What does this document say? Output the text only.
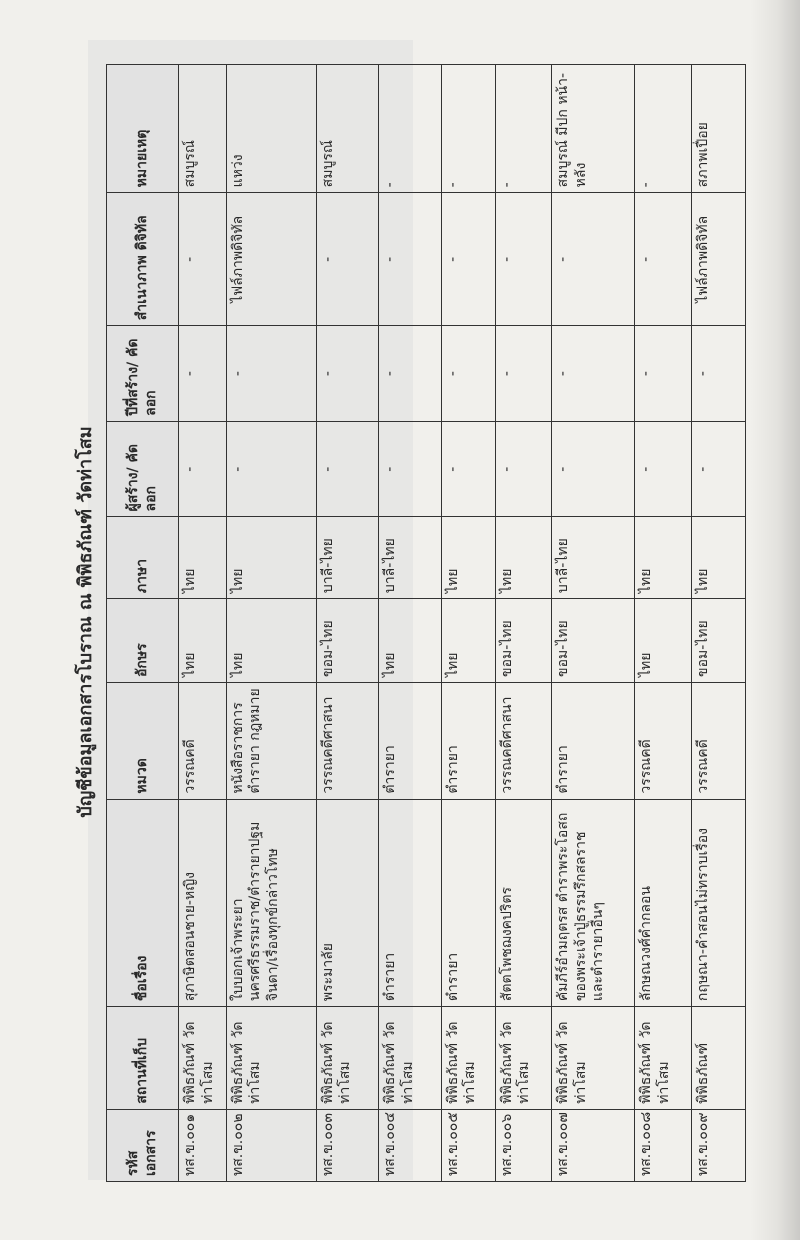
บัญชีข้อมูลเอกสารโบราณ ณ พิพิธภัณฑ์ วัดท่าโสม
รหัสเอกสาร	สถานที่เก็บ	ชื่อเรื่อง	หมวด	อักษร	ภาษา	ผู้สร้าง/ คัดลอก	ปีที่สร้าง/ คัดลอก	สำเนาภาพ ดิจิทัล	หมายเหตุ
ทส.ข.๐๐๑	พิพิธภัณฑ์ วัดท่าโสม	สุภาษิตสอนชาย-หญิง	วรรณคดี	ไทย	ไทย	-	-	-	สมบูรณ์
ทส.ข.๐๐๒	พิพิธภัณฑ์ วัดท่าโสม	ใบบอกเจ้าพระยา นครศรีธรรมราช/ตำรายาปฐมจินดา/เรื่องทุกข์กล่าวโทษ	หนังสือราชการ ตำรายา กฎหมาย	ไทย	ไทย	-	-	ไฟล์ภาพดิจิทัล	แหว่ง
ทส.ข.๐๐๓	พิพิธภัณฑ์ วัดท่าโสม	พระมาลัย	วรรณคดีศาสนา	ขอม-ไทย	บาลี-ไทย	-	-	-	สมบูรณ์
ทส.ข.๐๐๔	พิพิธภัณฑ์ วัดท่าโสม	ตำรายา	ตำรายา	ไทย	บาลี-ไทย	-	-	-	-
ทส.ข.๐๐๕	พิพิธภัณฑ์ วัดท่าโสม	ตำรายา	ตำรายา	ไทย	ไทย	-	-	-	-
ทส.ข.๐๐๖	พิพิธภัณฑ์ วัดท่าโสม	สัตตโพชฌงคปริตร	วรรณคดีศาสนา	ขอม-ไทย	ไทย	-	-	-	-
ทส.ข.๐๐๗	พิพิธภัณฑ์ วัดท่าโสม	คัมภีร์อำมฤตรส ตำราพระโอสถของพระเจ้าปู่ธรรมรึกสลราช และตำรายาอื่นๆ	ตำรายา	ขอม-ไทย	บาลี-ไทย	-	-	-	สมบูรณ์ มีปก หน้า-หลัง
ทส.ข.๐๐๘	พิพิธภัณฑ์ วัดท่าโสม	ลักษณวงศ์คำกลอน	วรรณคดี	ไทย	ไทย	-	-	-	-
ทส.ข.๐๐๙	พิพิธภัณฑ์	กฤษณา-คำสอนไม่ทราบเรื่อง	วรรณคดี	ขอม-ไทย	ไทย	-	-	ไฟล์ภาพดิจิทัล	สภาพเปื่อย
